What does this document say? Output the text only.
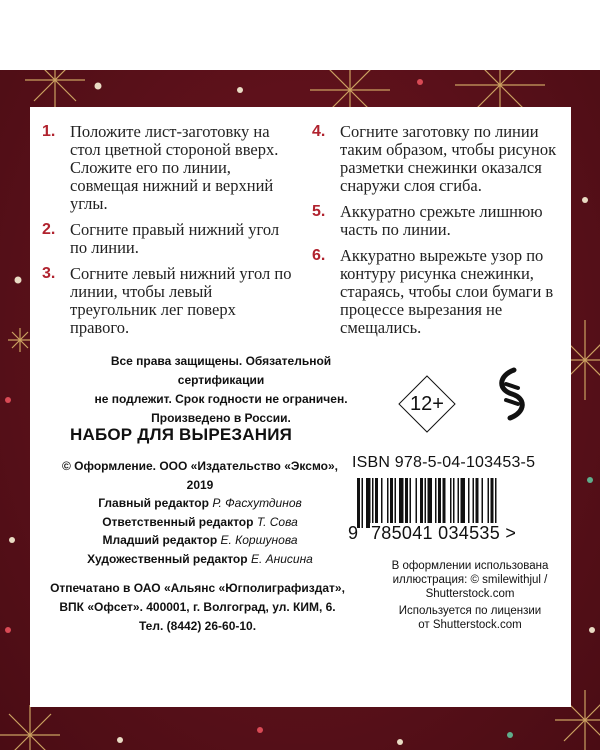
1. Положите лист-заготовку на стол цветной стороной вверх. Сложите его по линии, совмещая нижний и верхний углы.
2. Согните правый нижний угол по линии.
3. Согните левый нижний угол по линии, чтобы левый треугольник лег поверх правого.
4. Согните заготовку по линии таким образом, чтобы рисунок разметки снежинки оказался снаружи слоя сгиба.
5. Аккуратно срежьте лишнюю часть по линии.
6. Аккуратно вырежьте узор по контуру рисунка снежинки, стараясь, чтобы слои бумаги в процессе вырезания не смещались.
Все права защищены. Обязательной сертификации
не подлежит. Срок годности не ограничен.
Произведено в России.
12+
НАБОР ДЛЯ ВЫРЕЗАНИЯ
© Оформление. ООО «Издательство «Эксмо»,
2019
Главный редактор Р. Фасхутдинов
Ответственный редактор Т. Сова
Младший редактор Е. Коршунова
Художественный редактор Е. Анисина
ISBN 978-5-04-103453-5
9 785041 034535 >
Отпечатано в ОАО «Альянс «Югполиграфиздат»,
ВПК «Офсет». 400001, г. Волгоград, ул. КИМ, 6.
Тел. (8442) 26-60-10.
В оформлении использована
иллюстрация: © smilewithjul /
Shutterstock.com
Используется по лицензии
от Shutterstock.com
